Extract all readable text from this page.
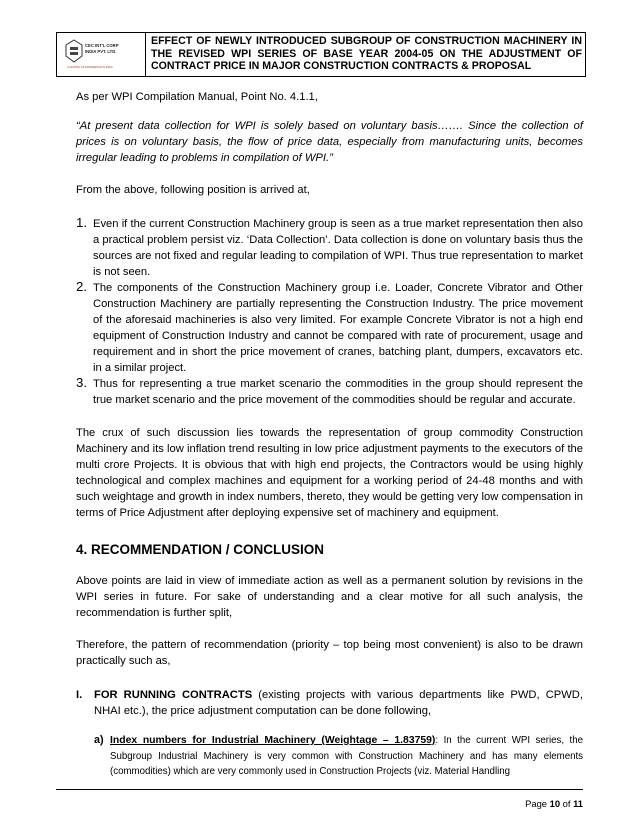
CEC INT'L CORP
INDIA PVT. LTD.
A CENTRE OF EXPERIENCE IN INDIA
EFFECT OF NEWLY INTRODUCED SUBGROUP OF CONSTRUCTION MACHINERY IN THE REVISED WPI SERIES OF BASE YEAR 2004-05 ON THE ADJUSTMENT OF CONTRACT PRICE IN MAJOR CONSTRUCTION CONTRACTS & PROPOSAL

As per WPI Compilation Manual, Point No. 4.1.1,

“At present data collection for WPI is solely based on voluntary basis……. Since the collection of prices is on voluntary basis, the flow of price data, especially from manufacturing units, becomes irregular leading to problems in compilation of WPI.”

From the above, following position is arrived at,

1. Even if the current Construction Machinery group is seen as a true market representation then also a practical problem persist viz. ‘Data Collection’. Data collection is done on voluntary basis thus the sources are not fixed and regular leading to compilation of WPI. Thus true representation to market is not seen.
2. The components of the Construction Machinery group i.e. Loader, Concrete Vibrator and Other Construction Machinery are partially representing the Construction Industry. The price movement of the aforesaid machineries is also very limited. For example Concrete Vibrator is not a high end equipment of Construction Industry and cannot be compared with rate of procurement, usage and requirement and in short the price movement of cranes, batching plant, dumpers, excavators etc. in a similar project.
3. Thus for representing a true market scenario the commodities in the group should represent the true market scenario and the price movement of the commodities should be regular and accurate.

The crux of such discussion lies towards the representation of group commodity Construction Machinery and its low inflation trend resulting in low price adjustment payments to the executors of the multi crore Projects. It is obvious that with high end projects, the Contractors would be using highly technological and complex machines and equipment for a working period of 24-48 months and with such weightage and growth in index numbers, thereto, they would be getting very low compensation in terms of Price Adjustment after deploying expensive set of machinery and equipment.

4. RECOMMENDATION / CONCLUSION

Above points are laid in view of immediate action as well as a permanent solution by revisions in the WPI series in future. For sake of understanding and a clear motive for all such analysis, the recommendation is further split,

Therefore, the pattern of recommendation (priority – top being most convenient) is also to be drawn practically such as,

I. FOR RUNNING CONTRACTS (existing projects with various departments like PWD, CPWD, NHAI etc.), the price adjustment computation can be done following,
a) Index numbers for Industrial Machinery (Weightage – 1.83759): In the current WPI series, the Subgroup Industrial Machinery is very common with Construction Machinery and has many elements (commodities) which are very commonly used in Construction Projects (viz. Material Handling
Page 10 of 11
